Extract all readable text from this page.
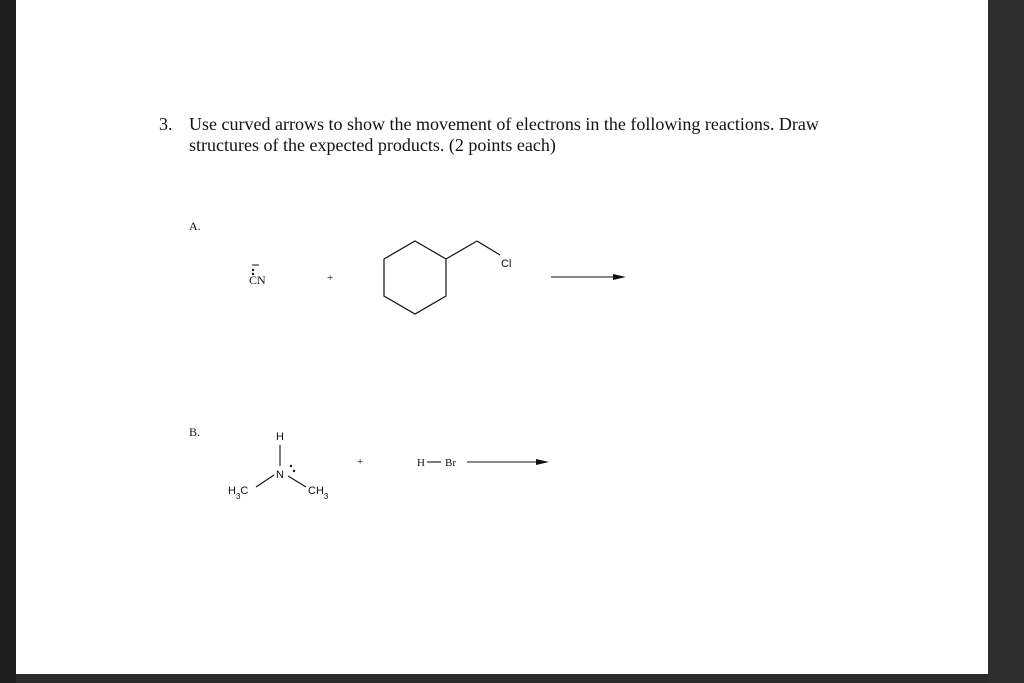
3. Use curved arrows to show the movement of electrons in the following reactions. Draw
structures of the expected products. (2 points each)
A.
B.
CN	+
Cl
H
N
$H_3C$	$CH_3$
+	H Br
